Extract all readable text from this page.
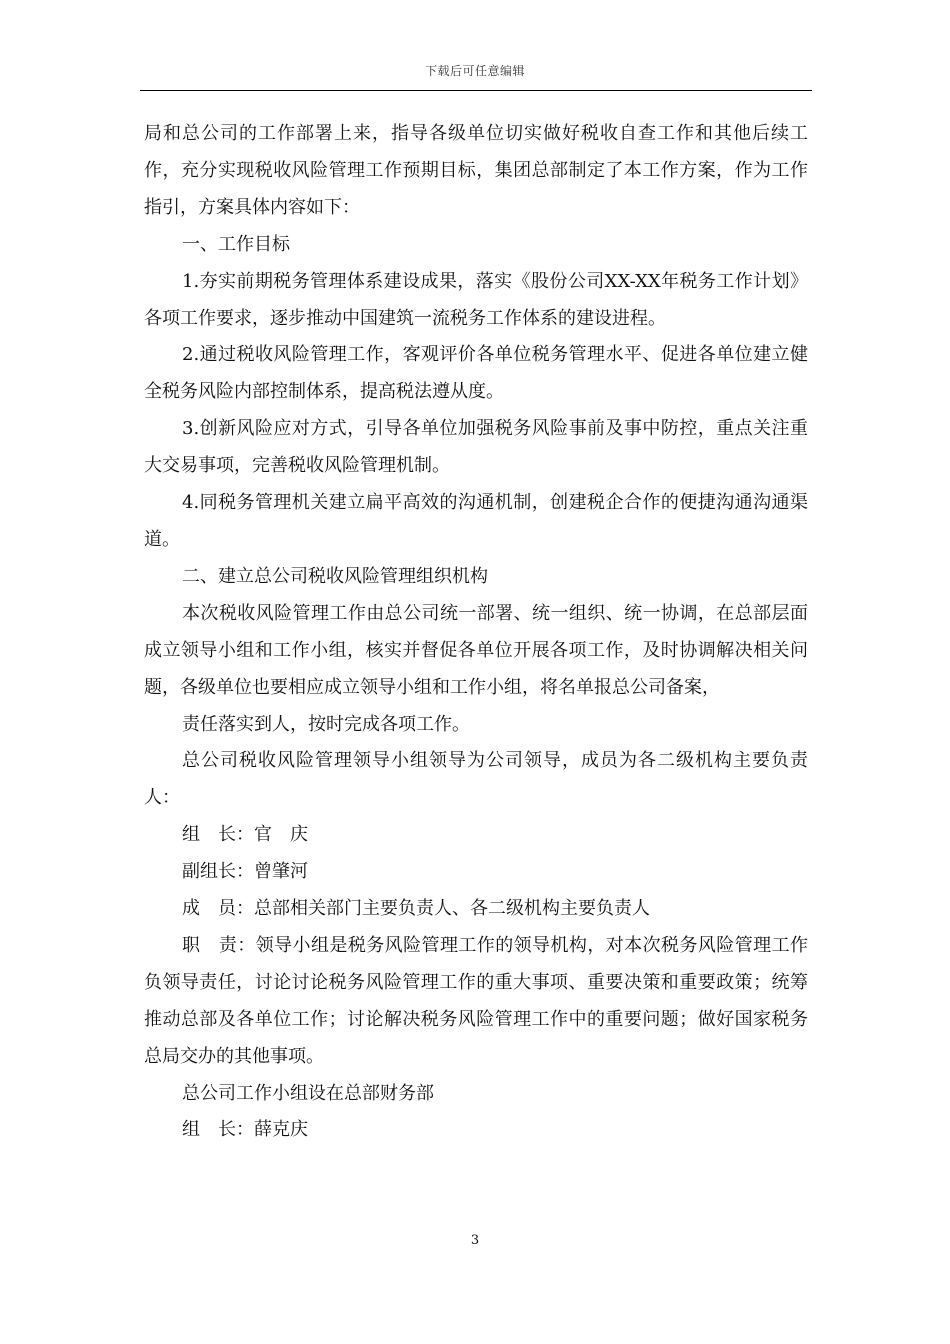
下载后可任意编辑

局和总公司的工作部署上来，指导各级单位切实做好税收自查工作和其他后续工作，充分实现税收风险管理工作预期目标，集团总部制定了本工作方案，作为工作指引，方案具体内容如下：

一、工作目标

1.夯实前期税务管理体系建设成果，落实《股份公司XX-XX年税务工作计划》各项工作要求，逐步推动中国建筑一流税务工作体系的建设进程。

2.通过税收风险管理工作，客观评价各单位税务管理水平、促进各单位建立健全税务风险内部控制体系，提高税法遵从度。

3.创新风险应对方式，引导各单位加强税务风险事前及事中防控，重点关注重大交易事项，完善税收风险管理机制。

4.同税务管理机关建立扁平高效的沟通机制，创建税企合作的便捷沟通沟通渠道。

二、建立总公司税收风险管理组织机构

本次税收风险管理工作由总公司统一部署、统一组织、统一协调，在总部层面成立领导小组和工作小组，核实并督促各单位开展各项工作，及时协调解决相关问题，各级单位也要相应成立领导小组和工作小组，将名单报总公司备案，

责任落实到人，按时完成各项工作。

总公司税收风险管理领导小组领导为公司领导，成员为各二级机构主要负责人：

组　长：官　庆

副组长：曾肇河

成　员：总部相关部门主要负责人、各二级机构主要负责人

职　责：领导小组是税务风险管理工作的领导机构，对本次税务风险管理工作负领导责任，讨论讨论税务风险管理工作的重大事项、重要决策和重要政策；统筹推动总部及各单位工作；讨论解决税务风险管理工作中的重要问题；做好国家税务总局交办的其他事项。

总公司工作小组设在总部财务部

组　长：薛克庆

3
